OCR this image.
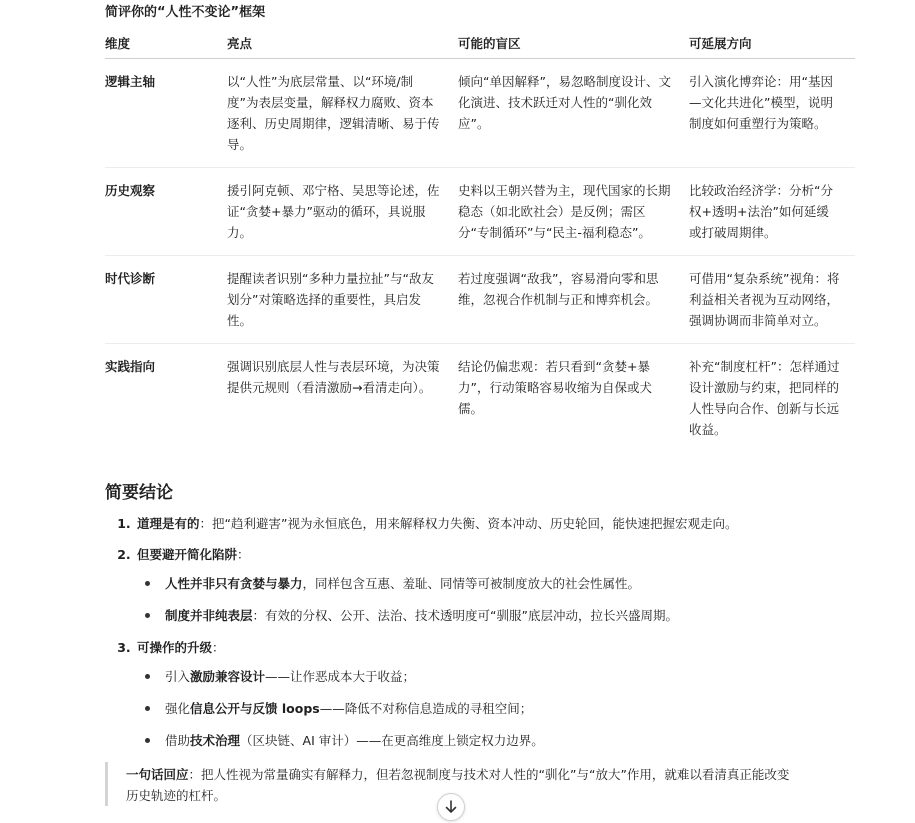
简评你的“人性不变论”框架
维度	亮点	可能的盲区	可延展方向
逻辑主轴	以“人性”为底层常量、以“环境/制度”为表层变量，解释权力腐败、资本逐利、历史周期律，逻辑清晰、易于传导。	倾向“单因解释”，易忽略制度设计、文化演进、技术跃迁对人性的“驯化效应”。	引入演化博弈论：用“基因—文化共进化”模型，说明制度如何重塑行为策略。
历史观察	援引阿克顿、邓宁格、吴思等论述，佐证“贪婪+暴力”驱动的循环，具说服力。	史料以王朝兴替为主，现代国家的长期稳态（如北欧社会）是反例；需区分“专制循环”与“民主-福利稳态”。	比较政治经济学：分析“分权+透明+法治”如何延缓或打破周期律。
时代诊断	提醒读者识别“多种力量拉扯”与“敌友划分”对策略选择的重要性，具启发性。	若过度强调“敌我”，容易滑向零和思维，忽视合作机制与正和博弈机会。	可借用“复杂系统”视角：将利益相关者视为互动网络，强调协调而非简单对立。
实践指向	强调识别底层人性与表层环境，为决策提供元规则（看清激励→看清走向）。	结论仍偏悲观：若只看到“贪婪+暴力”，行动策略容易收缩为自保或犬儒。	补充“制度杠杆”：怎样通过设计激励与约束，把同样的人性导向合作、创新与长远收益。
简要结论
1. 道理是有的：把“趋利避害”视为永恒底色，用来解释权力失衡、资本冲动、历史轮回，能快速把握宏观走向。
2. 但要避开简化陷阱：
人性并非只有贪婪与暴力，同样包含互惠、羞耻、同情等可被制度放大的社会性属性。
制度并非纯表层：有效的分权、公开、法治、技术透明度可“驯服”底层冲动，拉长兴盛周期。
3. 可操作的升级：
引入激励兼容设计——让作恶成本大于收益；
强化信息公开与反馈 loops——降低不对称信息造成的寻租空间；
借助技术治理（区块链、AI 审计）——在更高维度上锁定权力边界。
一句话回应：把人性视为常量确实有解释力，但若忽视制度与技术对人性的“驯化”与“放大”作用，就难以看清真正能改变历史轨迹的杠杆。
